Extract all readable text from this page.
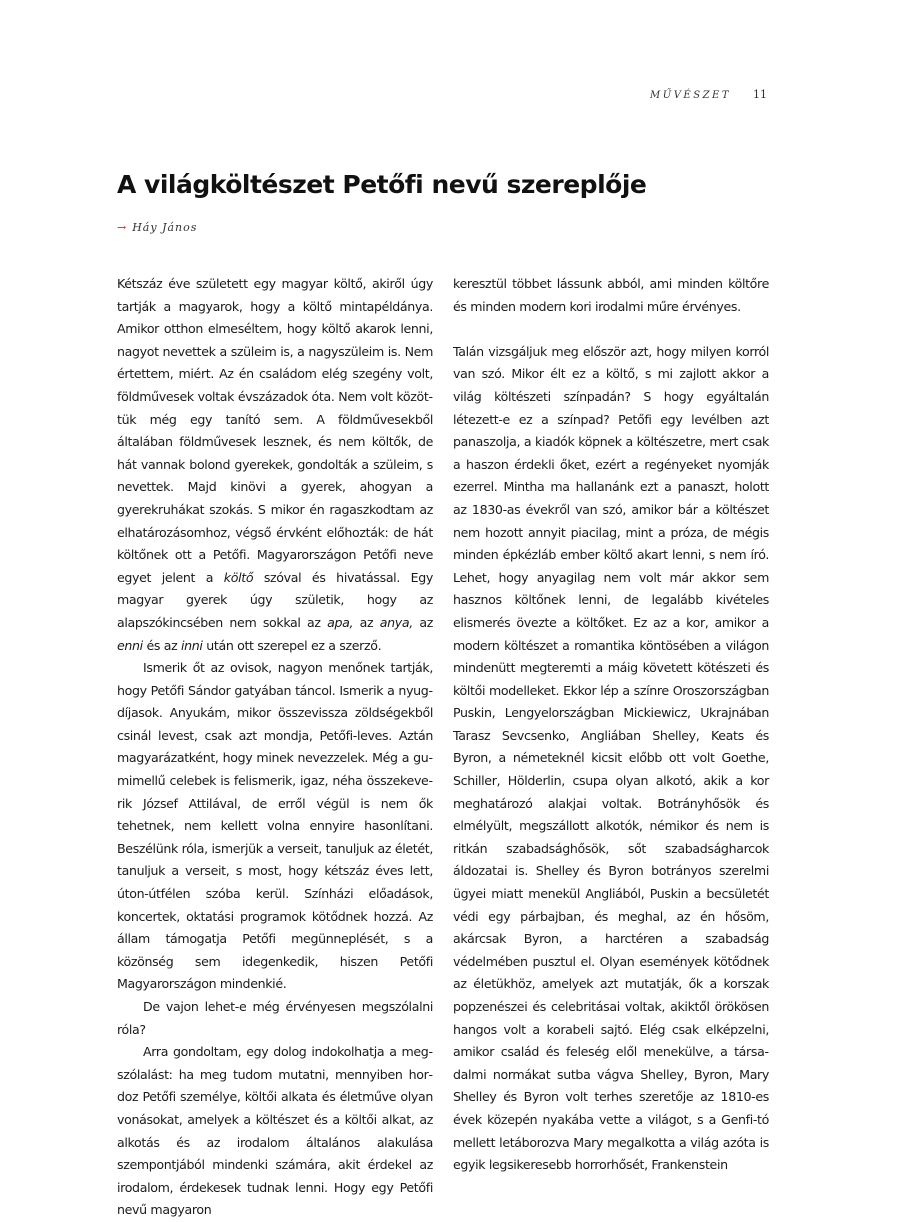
MŰVÉSZET 11
A világköltészet Petőfi nevű szereplője
→ Háy János

Kétszáz éve született egy magyar költő, akiről úgy tartják a magyarok, hogy a költő mintapéldánya. Amikor otthon elmeséltem, hogy költő akarok lenni, nagyot nevettek a szüleim is, a nagyszüleim is. Nem értettem, miért. Az én családom elég szegény volt, földművesek voltak évszázadok óta. Nem volt közöttük még egy tanító sem. A földművesekből általában földművesek lesznek, és nem költők, de hát vannak bolond gyerekek, gondolták a szüleim, s nevettek. Majd kinövi a gyerek, ahogyan a gyerekruhákat szokás. S mikor én ragaszkodtam az elhatározásomhoz, végső érvként előhozták: de hát költőnek ott a Petőfi. Magyarországon Petőfi neve egyet jelent a költő szóval és hivatással. Egy magyar gyerek úgy születik, hogy az alapszókincsében nem sokkal az apa, az anya, az enni és az inni után ott szerepel ez a szerző.

Ismerik őt az ovisok, nagyon menőnek tartják, hogy Petőfi Sándor gatyában táncol. Ismerik a nyugdíjasok. Anyukám, mikor összevissza zöldségekből csinál levest, csak azt mondja, Petőfi-leves. Aztán magyarázatként, hogy minek nevezzelek. Még a gumimellű celebek is felismerik, igaz, néha összekeverik József Attilával, de erről végül is nem ők tehetnek, nem kellett volna ennyire hasonlítani. Beszélünk róla, ismerjük a verseit, tanuljuk az életét, tanuljuk a verseit, s most, hogy kétszáz éves lett, úton-útfélen szóba kerül. Színházi előadások, koncertek, oktatási programok kötődnek hozzá. Az állam támogatja Petőfi megünneplését, s a közönség sem idegenkedik, hiszen Petőfi Magyarországon mindenkié.

De vajon lehet-e még érvényesen megszólalni róla?

Arra gondoltam, egy dolog indokolhatja a megszólalást: ha meg tudom mutatni, mennyiben hordoz Petőfi személye, költői alkata és életműve olyan vonásokat, amelyek a költészet és a költői alkat, az alkotás és az irodalom általános alakulása szempontjából mindenki számára, akit érdekel az irodalom, érdekesek tudnak lenni. Hogy egy Petőfi nevű magyaron

keresztül többet lássunk abból, ami minden költőre és minden modern kori irodalmi műre érvényes.

Talán vizsgáljuk meg először azt, hogy milyen korról van szó. Mikor élt ez a költő, s mi zajlott akkor a világ költészeti színpadán? S hogy egyáltalán létezett-e ez a színpad? Petőfi egy levélben azt panaszolja, a kiadók köpnek a költészetre, mert csak a haszon érdekli őket, ezért a regényeket nyomják ezerrel. Mintha ma hallanánk ezt a panaszt, holott az 1830-as évekről van szó, amikor bár a költészet nem hozott annyit piacilag, mint a próza, de mégis minden épkézláb ember költő akart lenni, s nem író. Lehet, hogy anyagilag nem volt már akkor sem hasznos költőnek lenni, de legalább kivételes elismerés övezte a költőket. Ez az a kor, amikor a modern költészet a romantika köntösében a világon mindenütt megteremti a máig követett kötészeti és költői modelleket. Ekkor lép a színre Oroszországban Puskin, Lengyelországban Mickiewicz, Ukrajnában Tarasz Sevcsenko, Angliában Shelley, Keats és Byron, a németeknél kicsit előbb ott volt Goethe, Schiller, Hölderlin, csupa olyan alkotó, akik a kor meghatározó alakjai voltak. Botrányhősök és elmélyült, megszállott alkotók, némikor és nem is ritkán szabadsághősök, sőt szabadságharcok áldozatai is. Shelley és Byron botrányos szerelmi ügyei miatt menekül Angliából, Puskin a becsületét védi egy párbajban, és meghal, az én hősöm, akárcsak Byron, a harctéren a szabadság védelmében pusztul el. Olyan események kötődnek az életükhöz, amelyek azt mutatják, ők a korszak popzenészei és celebritásai voltak, akiktől örökösen hangos volt a korabeli sajtó. Elég csak elképzelni, amikor család és feleség elől menekülve, a társadalmi normákat sutba vágva Shelley, Byron, Mary Shelley és Byron volt terhes szeretője az 1810-es évek közepén nyakába vette a világot, s a Genfi-tó mellett letáborozva Mary megalkotta a világ azóta is egyik legsikeresebb horrorhősét, Frankenstein
